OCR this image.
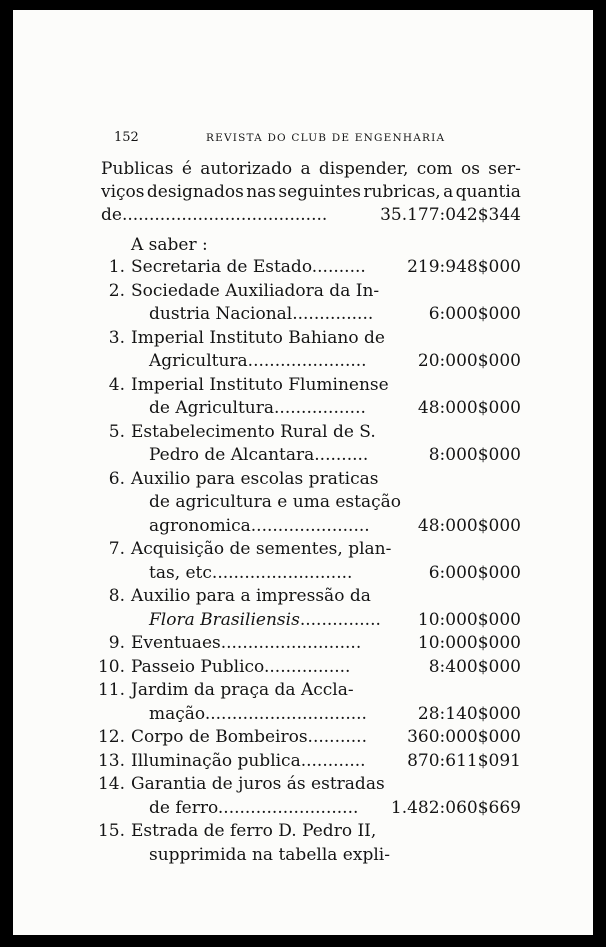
152	REVISTA DO CLUB DE ENGENHARIA
Publicas é autorizado a dispender, com os ser-
viços designados nas seguintes rubricas, a quantia
de......................................	35.177:042$344
A saber :
1. Secretaria de Estado..........	219:948$000
2. Sociedade Auxiliadora da In-
dustria Nacional...............	6:000$000
3. Imperial Instituto Bahiano de
Agricultura......................	20:000$000
4. Imperial Instituto Fluminense
de Agricultura.................	48:000$000
5. Estabelecimento Rural de S.
Pedro de Alcantara..........	8:000$000
6. Auxilio para escolas praticas
de agricultura e uma estação
agronomica......................	48:000$000
7. Acquisição de sementes, plan-
tas, etc..........................	6:000$000
8. Auxilio para a impressão da
Flora Brasiliensis...............	10:000$000
9. Eventuaes..........................	10:000$000
10. Passeio Publico................	8:400$000
11. Jardim da praça da Accla-
mação..............................	28:140$000
12. Corpo de Bombeiros...........	360:000$000
13. Illuminação publica............	870:611$091
14. Garantia de juros ás estradas
de ferro..........................	1.482:060$669
15. Estrada de ferro D. Pedro II,
supprimida na tabella expli-
